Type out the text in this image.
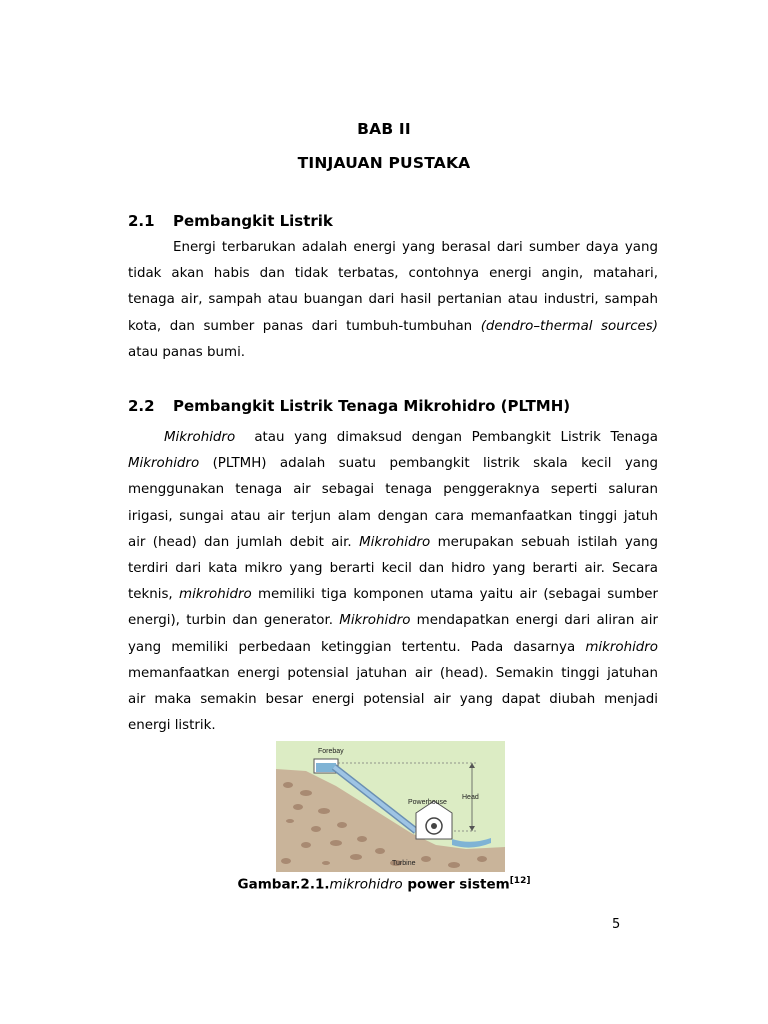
BAB II
TINJAUAN PUSTAKA
2.1 Pembangkit Listrik
Energi terbarukan adalah energi yang berasal dari sumber daya yang
tidak akan habis dan tidak terbatas, contohnya energi angin, matahari,
tenaga air, sampah atau buangan dari hasil pertanian atau industri, sampah
kota, dan sumber panas dari tumbuh-tumbuhan (dendro–thermal sources)
atau panas bumi.
2.2 Pembangkit Listrik Tenaga Mikrohidro (PLTMH)
Mikrohidro atau yang dimaksud dengan Pembangkit Listrik Tenaga
Mikrohidro (PLTMH) adalah suatu pembangkit listrik skala kecil yang
menggunakan tenaga air sebagai tenaga penggeraknya seperti saluran
irigasi, sungai atau air terjun alam dengan cara memanfaatkan tinggi jatuh
air (head) dan jumlah debit air. Mikrohidro merupakan sebuah istilah yang
terdiri dari kata mikro yang berarti kecil dan hidro yang berarti air. Secara
teknis, mikrohidro memiliki tiga komponen utama yaitu air (sebagai sumber
energi), turbin dan generator. Mikrohidro mendapatkan energi dari aliran air
yang memiliki perbedaan ketinggian tertentu. Pada dasarnya mikrohidro
memanfaatkan energi potensial jatuhan air (head). Semakin tinggi jatuhan
air maka semakin besar energi potensial air yang dapat diubah menjadi
energi listrik.
Forebay
Head
Powerhouse
Turbine
Gambar.2.1.mikrohidro power sistem[12]
5
